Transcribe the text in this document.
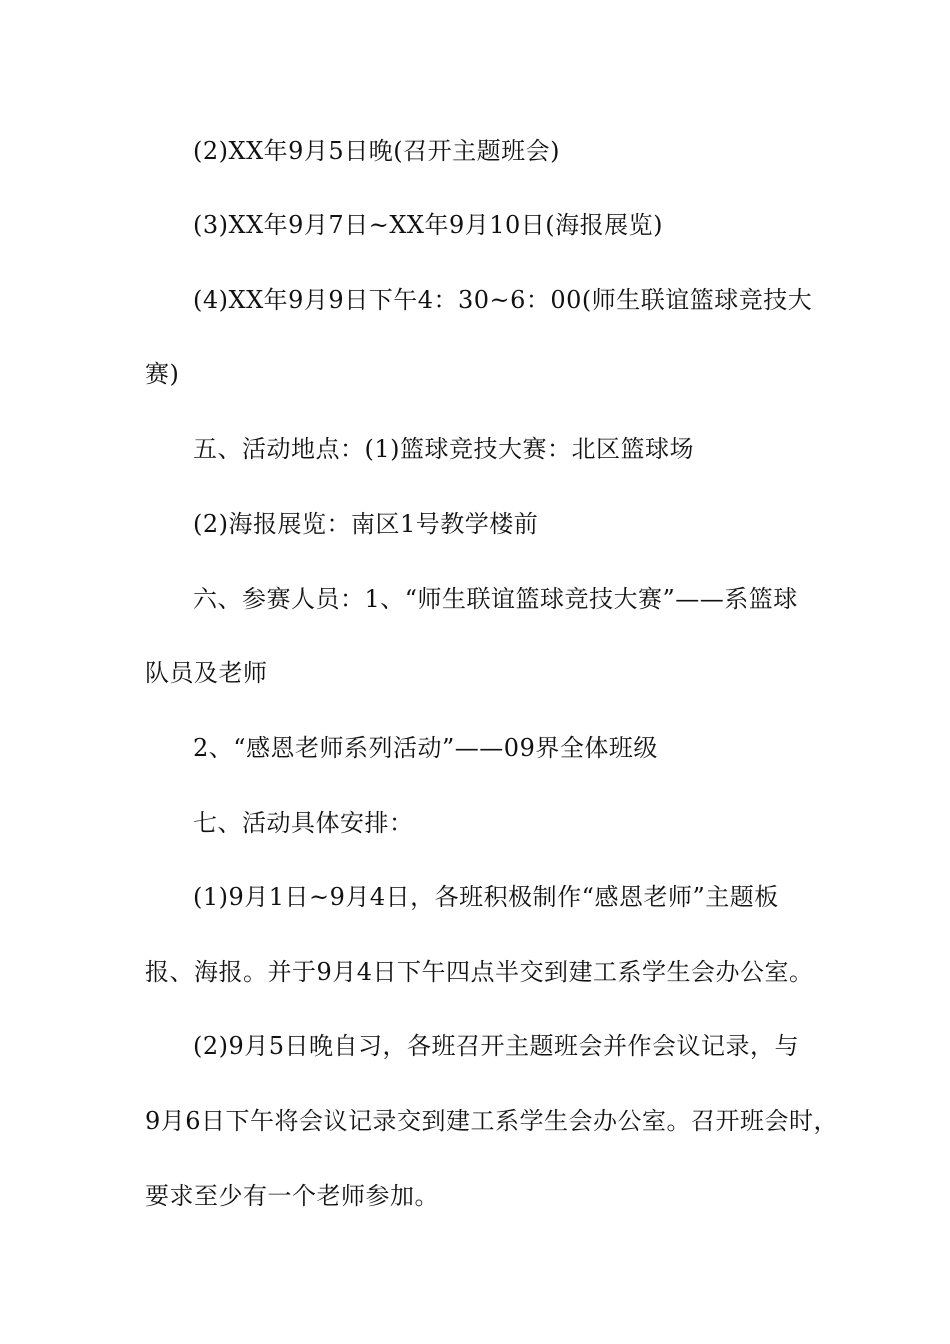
(2)XX年9月5日晚(召开主题班会)
(3)XX年9月7日~XX年9月10日(海报展览)
(4)XX年9月9日下午4：30~6：00(师生联谊篮球竞技大
赛)
五、活动地点：(1)篮球竞技大赛：北区篮球场
(2)海报展览：南区1号教学楼前
六、参赛人员：1、“师生联谊篮球竞技大赛”——系篮球
队员及老师
2、“感恩老师系列活动”——09界全体班级
七、活动具体安排：
(1)9月1日~9月4日，各班积极制作“感恩老师”主题板
报、海报。并于9月4日下午四点半交到建工系学生会办公室。
(2)9月5日晚自习，各班召开主题班会并作会议记录，与
9月6日下午将会议记录交到建工系学生会办公室。召开班会时，
要求至少有一个老师参加。
